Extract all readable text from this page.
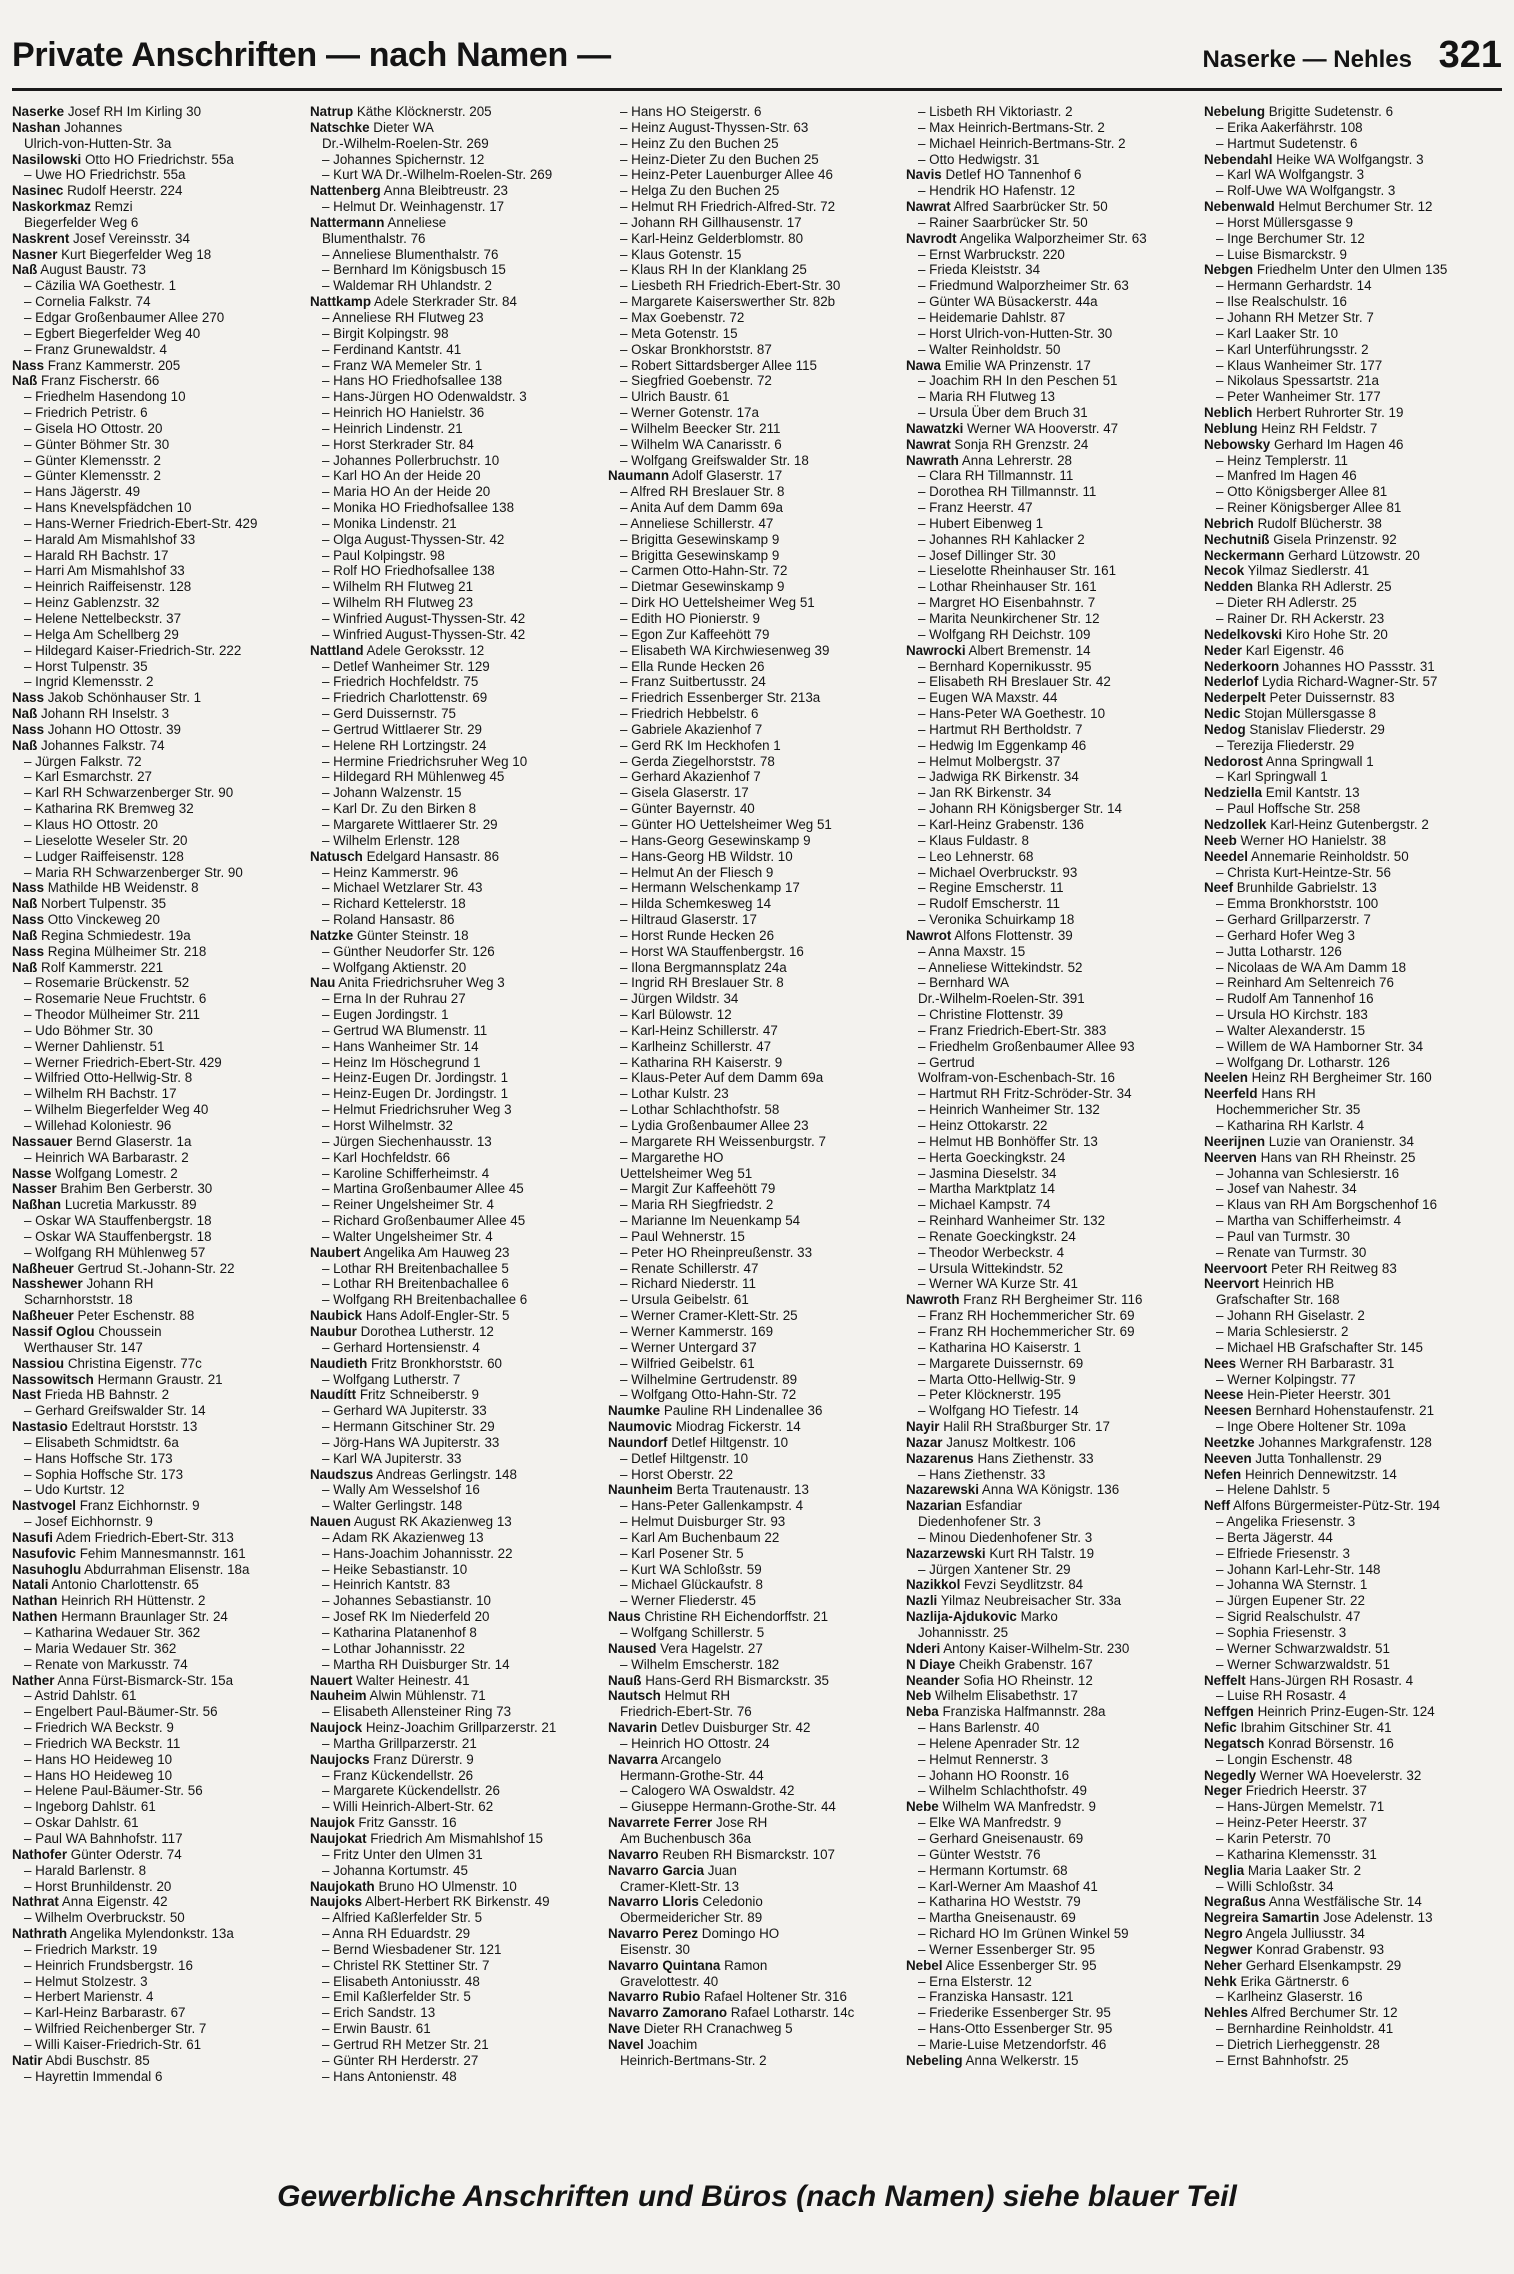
Private Anschriften — nach Namen —	Naserke — Nehles 321
Naserke Josef RH Im Kirling 30
Nashan Johannes
Ulrich-von-Hutten-Str. 3a
Nasilowski Otto HO Friedrichstr. 55a
– Uwe HO Friedrichstr. 55a
Nasinec Rudolf Heerstr. 224
Naskorkmaz Remzi
Biegerfelder Weg 6
Naskrent Josef Vereinsstr. 34
Nasner Kurt Biegerfelder Weg 18
Naß August Baustr. 73
– Cäzilia WA Goethestr. 1
– Cornelia Falkstr. 74
– Edgar Großenbaumer Allee 270
– Egbert Biegerfelder Weg 40
– Franz Grunewaldstr. 4
Nass Franz Kammerstr. 205
Naß Franz Fischerstr. 66
– Friedhelm Hasendong 10
– Friedrich Petristr. 6
– Gisela HO Ottostr. 20
– Günter Böhmer Str. 30
– Günter Klemensstr. 2
– Günter Klemensstr. 2
– Hans Jägerstr. 49
– Hans Knevelspfädchen 10
– Hans-Werner Friedrich-Ebert-Str. 429
– Harald Am Mismahlshof 33
– Harald RH Bachstr. 17
– Harri Am Mismahlshof 33
– Heinrich Raiffeisenstr. 128
– Heinz Gablenzstr. 32
– Helene Nettelbeckstr. 37
– Helga Am Schellberg 29
– Hildegard Kaiser-Friedrich-Str. 222
– Horst Tulpenstr. 35
– Ingrid Klemensstr. 2
Nass Jakob Schönhauser Str. 1
Naß Johann RH Inselstr. 3
Nass Johann HO Ottostr. 39
Naß Johannes Falkstr. 74
– Jürgen Falkstr. 72
– Karl Esmarchstr. 27
– Karl RH Schwarzenberger Str. 90
– Katharina RK Bremweg 32
– Klaus HO Ottostr. 20
– Lieselotte Weseler Str. 20
– Ludger Raiffeisenstr. 128
– Maria RH Schwarzenberger Str. 90
Nass Mathilde HB Weidenstr. 8
Naß Norbert Tulpenstr. 35
Nass Otto Vinckeweg 20
Naß Regina Schmiedestr. 19a
Nass Regina Mülheimer Str. 218
Naß Rolf Kammerstr. 221
– Rosemarie Brückenstr. 52
– Rosemarie Neue Fruchtstr. 6
– Theodor Mülheimer Str. 211
– Udo Böhmer Str. 30
– Werner Dahlienstr. 51
– Werner Friedrich-Ebert-Str. 429
– Wilfried Otto-Hellwig-Str. 8
– Wilhelm RH Bachstr. 17
– Wilhelm Biegerfelder Weg 40
– Willehad Koloniestr. 96
Nassauer Bernd Glaserstr. 1a
– Heinrich WA Barbarastr. 2
Nasse Wolfgang Lomestr. 2
Nasser Brahim Ben Gerberstr. 30
Naßhan Lucretia Markusstr. 89
– Oskar WA Stauffenbergstr. 18
– Oskar WA Stauffenbergstr. 18
– Wolfgang RH Mühlenweg 57
Naßheuer Gertrud St.-Johann-Str. 22
Nasshewer Johann RH
Scharnhorststr. 18
Naßheuer Peter Eschenstr. 88
Nassif Oglou Choussein
Werthauser Str. 147
Nassiou Christina Eigenstr. 77c
Nassowitsch Hermann Graustr. 21
Nast Frieda HB Bahnstr. 2
– Gerhard Greifswalder Str. 14
Nastasio Edeltraut Horststr. 13
– Elisabeth Schmidtstr. 6a
– Hans Hoffsche Str. 173
– Sophia Hoffsche Str. 173
– Udo Kurtstr. 12
Nastvogel Franz Eichhornstr. 9
– Josef Eichhornstr. 9
Nasufi Adem Friedrich-Ebert-Str. 313
Nasufovic Fehim Mannesmannstr. 161
Nasuhoglu Abdurrahman Elisenstr. 18a
Natali Antonio Charlottenstr. 65
Nathan Heinrich RH Hüttenstr. 2
Nathen Hermann Braunlager Str. 24
– Katharina Wedauer Str. 362
– Maria Wedauer Str. 362
– Renate von Markusstr. 74
Nather Anna Fürst-Bismarck-Str. 15a
– Astrid Dahlstr. 61
– Engelbert Paul-Bäumer-Str. 56
– Friedrich WA Beckstr. 9
– Friedrich WA Beckstr. 11
– Hans HO Heideweg 10
– Hans HO Heideweg 10
– Helene Paul-Bäumer-Str. 56
– Ingeborg Dahlstr. 61
– Oskar Dahlstr. 61
– Paul WA Bahnhofstr. 117
Nathofer Günter Oderstr. 74
– Harald Barlenstr. 8
– Horst Brunhildenstr. 20
Nathrat Anna Eigenstr. 42
– Wilhelm Overbruckstr. 50
Nathrath Angelika Mylendonkstr. 13a
– Friedrich Markstr. 19
– Heinrich Frundsbergstr. 16
– Helmut Stolzestr. 3
– Herbert Marienstr. 4
– Karl-Heinz Barbarastr. 67
– Wilfried Reichenberger Str. 7
– Willi Kaiser-Friedrich-Str. 61
Natir Abdi Buschstr. 85
– Hayrettin Immendal 6
Natrup Käthe Klöcknerstr. 205
Natschke Dieter WA
Dr.-Wilhelm-Roelen-Str. 269
– Johannes Spichernstr. 12
– Kurt WA Dr.-Wilhelm-Roelen-Str. 269
Nattenberg Anna Bleibtreustr. 23
– Helmut Dr. Weinhagenstr. 17
Nattermann Anneliese
Blumenthalstr. 76
– Anneliese Blumenthalstr. 76
– Bernhard Im Königsbusch 15
– Waldemar RH Uhlandstr. 2
Nattkamp Adele Sterkrader Str. 84
– Anneliese RH Flutweg 23
– Birgit Kolpingstr. 98
– Ferdinand Kantstr. 41
– Franz WA Memeler Str. 1
– Hans HO Friedhofsallee 138
– Hans-Jürgen HO Odenwaldstr. 3
– Heinrich HO Hanielstr. 36
– Heinrich Lindenstr. 21
– Horst Sterkrader Str. 84
– Johannes Pollerbruchstr. 10
– Karl HO An der Heide 20
– Maria HO An der Heide 20
– Monika HO Friedhofsallee 138
– Monika Lindenstr. 21
– Olga August-Thyssen-Str. 42
– Paul Kolpingstr. 98
– Rolf HO Friedhofsallee 138
– Wilhelm RH Flutweg 21
– Wilhelm RH Flutweg 23
– Winfried August-Thyssen-Str. 42
– Winfried August-Thyssen-Str. 42
Nattland Adele Geroksstr. 12
– Detlef Wanheimer Str. 129
– Friedrich Hochfeldstr. 75
– Friedrich Charlottenstr. 69
– Gerd Duissernstr. 75
– Gertrud Wittlaerer Str. 29
– Helene RH Lortzingstr. 24
– Hermine Friedrichsruher Weg 10
– Hildegard RH Mühlenweg 45
– Johann Walzenstr. 15
– Karl Dr. Zu den Birken 8
– Margarete Wittlaerer Str. 29
– Wilhelm Erlenstr. 128
Natusch Edelgard Hansastr. 86
– Heinz Kammerstr. 96
– Michael Wetzlarer Str. 43
– Richard Kettelerstr. 18
– Roland Hansastr. 86
Natzke Günter Steinstr. 18
– Günther Neudorfer Str. 126
– Wolfgang Aktienstr. 20
Nau Anita Friedrichsruher Weg 3
– Erna In der Ruhrau 27
– Eugen Jordingstr. 1
– Gertrud WA Blumenstr. 11
– Hans Wanheimer Str. 14
– Heinz Im Höschegrund 1
– Heinz-Eugen Dr. Jordingstr. 1
– Heinz-Eugen Dr. Jordingstr. 1
– Helmut Friedrichsruher Weg 3
– Horst Wilhelmstr. 32
– Jürgen Siechenhausstr. 13
– Karl Hochfeldstr. 66
– Karoline Schifferheimstr. 4
– Martina Großenbaumer Allee 45
– Reiner Ungelsheimer Str. 4
– Richard Großenbaumer Allee 45
– Walter Ungelsheimer Str. 4
Naubert Angelika Am Hauweg 23
– Lothar RH Breitenbachallee 5
– Lothar RH Breitenbachallee 6
– Wolfgang RH Breitenbachallee 6
Naubick Hans Adolf-Engler-Str. 5
Naubur Dorothea Lutherstr. 12
– Gerhard Hortensienstr. 4
Naudieth Fritz Bronkhorststr. 60
– Wolfgang Lutherstr. 7
Naudítt Fritz Schneiberstr. 9
– Gerhard WA Jupiterstr. 33
– Hermann Gitschiner Str. 29
– Jörg-Hans WA Jupiterstr. 33
– Karl WA Jupiterstr. 33
Naudszus Andreas Gerlingstr. 148
– Wally Am Wesselshof 16
– Walter Gerlingstr. 148
Nauen August RK Akazienweg 13
– Adam RK Akazienweg 13
– Hans-Joachim Johannisstr. 22
– Heike Sebastianstr. 10
– Heinrich Kantstr. 83
– Johannes Sebastianstr. 10
– Josef RK Im Niederfeld 20
– Katharina Platanenhof 8
– Lothar Johannisstr. 22
– Martha RH Duisburger Str. 14
Nauert Walter Heinestr. 41
Nauheim Alwin Mühlenstr. 71
– Elisabeth Allensteiner Ring 73
Naujock Heinz-Joachim Grillparzerstr. 21
– Martha Grillparzerstr. 21
Naujocks Franz Dürerstr. 9
– Franz Kückendellstr. 26
– Margarete Kückendellstr. 26
– Willi Heinrich-Albert-Str. 62
Naujok Fritz Gansstr. 16
Naujokat Friedrich Am Mismahlshof 15
– Fritz Unter den Ulmen 31
– Johanna Kortumstr. 45
Naujokath Bruno HO Ulmenstr. 10
Naujoks Albert-Herbert RK Birkenstr. 49
– Alfried Kaßlerfelder Str. 5
– Anna RH Eduardstr. 29
– Bernd Wiesbadener Str. 121
– Christel RK Stettiner Str. 7
– Elisabeth Antoniusstr. 48
– Emil Kaßlerfelder Str. 5
– Erich Sandstr. 13
– Erwin Baustr. 61
– Gertrud RH Metzer Str. 21
– Günter RH Herderstr. 27
– Hans Antonienstr. 48
– Hans HO Steigerstr. 6
– Heinz August-Thyssen-Str. 63
– Heinz Zu den Buchen 25
– Heinz-Dieter Zu den Buchen 25
– Heinz-Peter Lauenburger Allee 46
– Helga Zu den Buchen 25
– Helmut RH Friedrich-Alfred-Str. 72
– Johann RH Gillhausenstr. 17
– Karl-Heinz Gelderblomstr. 80
– Klaus Gotenstr. 15
– Klaus RH In der Klanklang 25
– Liesbeth RH Friedrich-Ebert-Str. 30
– Margarete Kaiserswerther Str. 82b
– Max Goebenstr. 72
– Meta Gotenstr. 15
– Oskar Bronkhorststr. 87
– Robert Sittardsberger Allee 115
– Siegfried Goebenstr. 72
– Ulrich Baustr. 61
– Werner Gotenstr. 17a
– Wilhelm Beecker Str. 211
– Wilhelm WA Canarisstr. 6
– Wolfgang Greifswalder Str. 18
Naumann Adolf Glaserstr. 17
– Alfred RH Breslauer Str. 8
– Anita Auf dem Damm 69a
– Anneliese Schillerstr. 47
– Brigitta Gesewinskamp 9
– Brigitta Gesewinskamp 9
– Carmen Otto-Hahn-Str. 72
– Dietmar Gesewinskamp 9
– Dirk HO Uettelsheimer Weg 51
– Edith HO Pionierstr. 9
– Egon Zur Kaffeehött 79
– Elisabeth WA Kirchwiesenweg 39
– Ella Runde Hecken 26
– Franz Suitbertusstr. 24
– Friedrich Essenberger Str. 213a
– Friedrich Hebbelstr. 6
– Gabriele Akazienhof 7
– Gerd RK Im Heckhofen 1
– Gerda Ziegelhorststr. 78
– Gerhard Akazienhof 7
– Gisela Glaserstr. 17
– Günter Bayernstr. 40
– Günter HO Uettelsheimer Weg 51
– Hans-Georg Gesewinskamp 9
– Hans-Georg HB Wildstr. 10
– Helmut An der Fliesch 9
– Hermann Welschenkamp 17
– Hilda Schemkesweg 14
– Hiltraud Glaserstr. 17
– Horst Runde Hecken 26
– Horst WA Stauffenbergstr. 16
– Ilona Bergmannsplatz 24a
– Ingrid RH Breslauer Str. 8
– Jürgen Wildstr. 34
– Karl Bülowstr. 12
– Karl-Heinz Schillerstr. 47
– Karlheinz Schillerstr. 47
– Katharina RH Kaiserstr. 9
– Klaus-Peter Auf dem Damm 69a
– Lothar Kulstr. 23
– Lothar Schlachthofstr. 58
– Lydia Großenbaumer Allee 23
– Margarete RH Weissenburgstr. 7
– Margarethe HO
Uettelsheimer Weg 51
– Margit Zur Kaffeehött 79
– Maria RH Siegfriedstr. 2
– Marianne Im Neuenkamp 54
– Paul Wehnerstr. 15
– Peter HO Rheinpreußenstr. 33
– Renate Schillerstr. 47
– Richard Niederstr. 11
– Ursula Geibelstr. 61
– Werner Cramer-Klett-Str. 25
– Werner Kammerstr. 169
– Werner Untergard 37
– Wilfried Geibelstr. 61
– Wilhelmine Gertrudenstr. 89
– Wolfgang Otto-Hahn-Str. 72
Naumke Pauline RH Lindenallee 36
Naumovic Miodrag Fickerstr. 14
Naundorf Detlef Hiltgenstr. 10
– Detlef Hiltgenstr. 10
– Horst Oberstr. 22
Naunheim Berta Trautenaustr. 13
– Hans-Peter Gallenkampstr. 4
– Helmut Duisburger Str. 93
– Karl Am Buchenbaum 22
– Karl Posener Str. 5
– Kurt WA Schloßstr. 59
– Michael Glückaufstr. 8
– Werner Fliederstr. 45
Naus Christine RH Eichendorffstr. 21
– Wolfgang Schillerstr. 5
Naused Vera Hagelstr. 27
– Wilhelm Emscherstr. 182
Nauß Hans-Gerd RH Bismarckstr. 35
Nautsch Helmut RH
Friedrich-Ebert-Str. 76
Navarin Detlev Duisburger Str. 42
– Heinrich HO Ottostr. 24
Navarra Arcangelo
Hermann-Grothe-Str. 44
– Calogero WA Oswaldstr. 42
– Giuseppe Hermann-Grothe-Str. 44
Navarrete Ferrer Jose RH
Am Buchenbusch 36a
Navarro Reuben RH Bismarckstr. 107
Navarro Garcia Juan
Cramer-Klett-Str. 13
Navarro Lloris Celedonio
Obermeidericher Str. 89
Navarro Perez Domingo HO
Eisenstr. 30
Navarro Quintana Ramon
Gravelottestr. 40
Navarro Rubio Rafael Holtener Str. 316
Navarro Zamorano Rafael Lotharstr. 14c
Nave Dieter RH Cranachweg 5
Navel Joachim
Heinrich-Bertmans-Str. 2
– Lisbeth RH Viktoriastr. 2
– Max Heinrich-Bertmans-Str. 2
– Michael Heinrich-Bertmans-Str. 2
– Otto Hedwigstr. 31
Navis Detlef HO Tannenhof 6
– Hendrik HO Hafenstr. 12
Nawrat Alfred Saarbrücker Str. 50
– Rainer Saarbrücker Str. 50
Navrodt Angelika Walporzheimer Str. 63
– Ernst Warbruckstr. 220
– Frieda Kleiststr. 34
– Friedmund Walporzheimer Str. 63
– Günter WA Büsackerstr. 44a
– Heidemarie Dahlstr. 87
– Horst Ulrich-von-Hutten-Str. 30
– Walter Reinholdstr. 50
Nawa Emilie WA Prinzenstr. 17
– Joachim RH In den Peschen 51
– Maria RH Flutweg 13
– Ursula Über dem Bruch 31
Nawatzki Werner WA Hooverstr. 47
Nawrat Sonja RH Grenzstr. 24
Nawrath Anna Lehrerstr. 28
– Clara RH Tillmannstr. 11
– Dorothea RH Tillmannstr. 11
– Franz Heerstr. 47
– Hubert Eibenweg 1
– Johannes RH Kahlacker 2
– Josef Dillinger Str. 30
– Lieselotte Rheinhauser Str. 161
– Lothar Rheinhauser Str. 161
– Margret HO Eisenbahnstr. 7
– Marita Neunkirchener Str. 12
– Wolfgang RH Deichstr. 109
Nawrocki Albert Bremenstr. 14
– Bernhard Kopernikusstr. 95
– Elisabeth RH Breslauer Str. 42
– Eugen WA Maxstr. 44
– Hans-Peter WA Goethestr. 10
– Hartmut RH Bertholdstr. 7
– Hedwig Im Eggenkamp 46
– Helmut Molbergstr. 37
– Jadwiga RK Birkenstr. 34
– Jan RK Birkenstr. 34
– Johann RH Königsberger Str. 14
– Karl-Heinz Grabenstr. 136
– Klaus Fuldastr. 8
– Leo Lehnerstr. 68
– Michael Overbruckstr. 93
– Regine Emscherstr. 11
– Rudolf Emscherstr. 11
– Veronika Schuirkamp 18
Nawrot Alfons Flottenstr. 39
– Anna Maxstr. 15
– Anneliese Wittekindstr. 52
– Bernhard WA
Dr.-Wilhelm-Roelen-Str. 391
– Christine Flottenstr. 39
– Franz Friedrich-Ebert-Str. 383
– Friedhelm Großenbaumer Allee 93
– Gertrud
Wolfram-von-Eschenbach-Str. 16
– Hartmut RH Fritz-Schröder-Str. 34
– Heinrich Wanheimer Str. 132
– Heinz Ottokarstr. 22
– Helmut HB Bonhöffer Str. 13
– Herta Goeckingkstr. 24
– Jasmina Dieselstr. 34
– Martha Marktplatz 14
– Michael Kampstr. 74
– Reinhard Wanheimer Str. 132
– Renate Goeckingkstr. 24
– Theodor Werbeckstr. 4
– Ursula Wittekindstr. 52
– Werner WA Kurze Str. 41
Nawroth Franz RH Bergheimer Str. 116
– Franz RH Hochemmericher Str. 69
– Franz RH Hochemmericher Str. 69
– Katharina HO Kaiserstr. 1
– Margarete Duissernstr. 69
– Marta Otto-Hellwig-Str. 9
– Peter Klöcknerstr. 195
– Wolfgang HO Tiefestr. 14
Nayir Halil RH Straßburger Str. 17
Nazar Janusz Moltkestr. 106
Nazarenus Hans Ziethenstr. 33
– Hans Ziethenstr. 33
Nazarewski Anna WA Königstr. 136
Nazarian Esfandiar
Diedenhofener Str. 3
– Minou Diedenhofener Str. 3
Nazarzewski Kurt RH Talstr. 19
– Jürgen Xantener Str. 29
Nazikkol Fevzi Seydlitzstr. 84
Nazli Yilmaz Neubreisacher Str. 33a
Nazlija-Ajdukovic Marko
Johannisstr. 25
Nderi Antony Kaiser-Wilhelm-Str. 230
N Diaye Cheikh Grabenstr. 167
Neander Sofia HO Rheinstr. 12
Neb Wilhelm Elisabethstr. 17
Neba Franziska Halfmannstr. 28a
– Hans Barlenstr. 40
– Helene Apenrader Str. 12
– Helmut Rennerstr. 3
– Johann HO Roonstr. 16
– Wilhelm Schlachthofstr. 49
Nebe Wilhelm WA Manfredstr. 9
– Elke WA Manfredstr. 9
– Gerhard Gneisenaustr. 69
– Günter Weststr. 76
– Hermann Kortumstr. 68
– Karl-Werner Am Maashof 41
– Katharina HO Weststr. 79
– Martha Gneisenaustr. 69
– Richard HO Im Grünen Winkel 59
– Werner Essenberger Str. 95
Nebel Alice Essenberger Str. 95
– Erna Elsterstr. 12
– Franziska Hansastr. 121
– Friederike Essenberger Str. 95
– Hans-Otto Essenberger Str. 95
– Marie-Luise Metzendorfstr. 46
Nebeling Anna Welkerstr. 15
Nebelung Brigitte Sudetenstr. 6
– Erika Aakerfährstr. 108
– Hartmut Sudetenstr. 6
Nebendahl Heike WA Wolfgangstr. 3
– Karl WA Wolfgangstr. 3
– Rolf-Uwe WA Wolfgangstr. 3
Nebenwald Helmut Berchumer Str. 12
– Horst Müllersgasse 9
– Inge Berchumer Str. 12
– Luise Bismarckstr. 9
Nebgen Friedhelm Unter den Ulmen 135
– Hermann Gerhardstr. 14
– Ilse Realschulstr. 16
– Johann RH Metzer Str. 7
– Karl Laaker Str. 10
– Karl Unterführungsstr. 2
– Klaus Wanheimer Str. 177
– Nikolaus Spessartstr. 21a
– Peter Wanheimer Str. 177
Neblich Herbert Ruhrorter Str. 19
Neblung Heinz RH Feldstr. 7
Nebowsky Gerhard Im Hagen 46
– Heinz Templerstr. 11
– Manfred Im Hagen 46
– Otto Königsberger Allee 81
– Reiner Königsberger Allee 81
Nebrich Rudolf Blücherstr. 38
Nechutniß Gisela Prinzenstr. 92
Neckermann Gerhard Lützowstr. 20
Necok Yilmaz Siedlerstr. 41
Nedden Blanka RH Adlerstr. 25
– Dieter RH Adlerstr. 25
– Rainer Dr. RH Ackerstr. 23
Nedelkovski Kiro Hohe Str. 20
Neder Karl Eigenstr. 46
Nederkoorn Johannes HO Passstr. 31
Nederlof Lydia Richard-Wagner-Str. 57
Nederpelt Peter Duissernstr. 83
Nedic Stojan Müllersgasse 8
Nedog Stanislav Fliederstr. 29
– Terezija Fliederstr. 29
Nedorost Anna Springwall 1
– Karl Springwall 1
Nedziella Emil Kantstr. 13
– Paul Hoffsche Str. 258
Nedzollek Karl-Heinz Gutenbergstr. 2
Neeb Werner HO Hanielstr. 38
Needel Annemarie Reinholdstr. 50
– Christa Kurt-Heintze-Str. 56
Neef Brunhilde Gabrielstr. 13
– Emma Bronkhorststr. 100
– Gerhard Grillparzerstr. 7
– Gerhard Hofer Weg 3
– Jutta Lotharstr. 126
– Nicolaas de WA Am Damm 18
– Reinhard Am Seltenreich 76
– Rudolf Am Tannenhof 16
– Ursula HO Kirchstr. 183
– Walter Alexanderstr. 15
– Willem de WA Hamborner Str. 34
– Wolfgang Dr. Lotharstr. 126
Neelen Heinz RH Bergheimer Str. 160
Neerfeld Hans RH
Hochemmericher Str. 35
– Katharina RH Karlstr. 4
Neerijnen Luzie van Oranienstr. 34
Neerven Hans van RH Rheinstr. 25
– Johanna van Schlesierstr. 16
– Josef van Nahestr. 34
– Klaus van RH Am Borgschenhof 16
– Martha van Schifferheimstr. 4
– Paul van Turmstr. 30
– Renate van Turmstr. 30
Neervoort Peter RH Reitweg 83
Neervort Heinrich HB
Grafschafter Str. 168
– Johann RH Giselastr. 2
– Maria Schlesierstr. 2
– Michael HB Grafschafter Str. 145
Nees Werner RH Barbarastr. 31
– Werner Kolpingstr. 77
Neese Hein-Pieter Heerstr. 301
Neesen Bernhard Hohenstaufenstr. 21
– Inge Obere Holtener Str. 109a
Neetzke Johannes Markgrafenstr. 128
Neeven Jutta Tonhallenstr. 29
Nefen Heinrich Dennewitzstr. 14
– Helene Dahlstr. 5
Neff Alfons Bürgermeister-Pütz-Str. 194
– Angelika Friesenstr. 3
– Berta Jägerstr. 44
– Elfriede Friesenstr. 3
– Johann Karl-Lehr-Str. 148
– Johanna WA Sternstr. 1
– Jürgen Eupener Str. 22
– Sigrid Realschulstr. 47
– Sophia Friesenstr. 3
– Werner Schwarzwaldstr. 51
– Werner Schwarzwaldstr. 51
Neffelt Hans-Jürgen RH Rosastr. 4
– Luise RH Rosastr. 4
Neffgen Heinrich Prinz-Eugen-Str. 124
Nefic Ibrahim Gitschiner Str. 41
Negatsch Konrad Börsenstr. 16
– Longin Eschenstr. 48
Negedly Werner WA Hoevelerstr. 32
Neger Friedrich Heerstr. 37
– Hans-Jürgen Memelstr. 71
– Heinz-Peter Heerstr. 37
– Karin Peterstr. 70
– Katharina Klemensstr. 31
Neglia Maria Laaker Str. 2
– Willi Schloßstr. 34
Negraßus Anna Westfälische Str. 14
Negreira Samartin Jose Adelenstr. 13
Negro Angela Julliusstr. 34
Negwer Konrad Grabenstr. 93
Neher Gerhard Elsenkampstr. 29
Nehk Erika Gärtnerstr. 6
– Karlheinz Glaserstr. 16
Nehles Alfred Berchumer Str. 12
– Bernhardine Reinholdstr. 41
– Dietrich Lierheggenstr. 28
– Ernst Bahnhofstr. 25
Gewerbliche Anschriften und Büros (nach Namen) siehe blauer Teil
